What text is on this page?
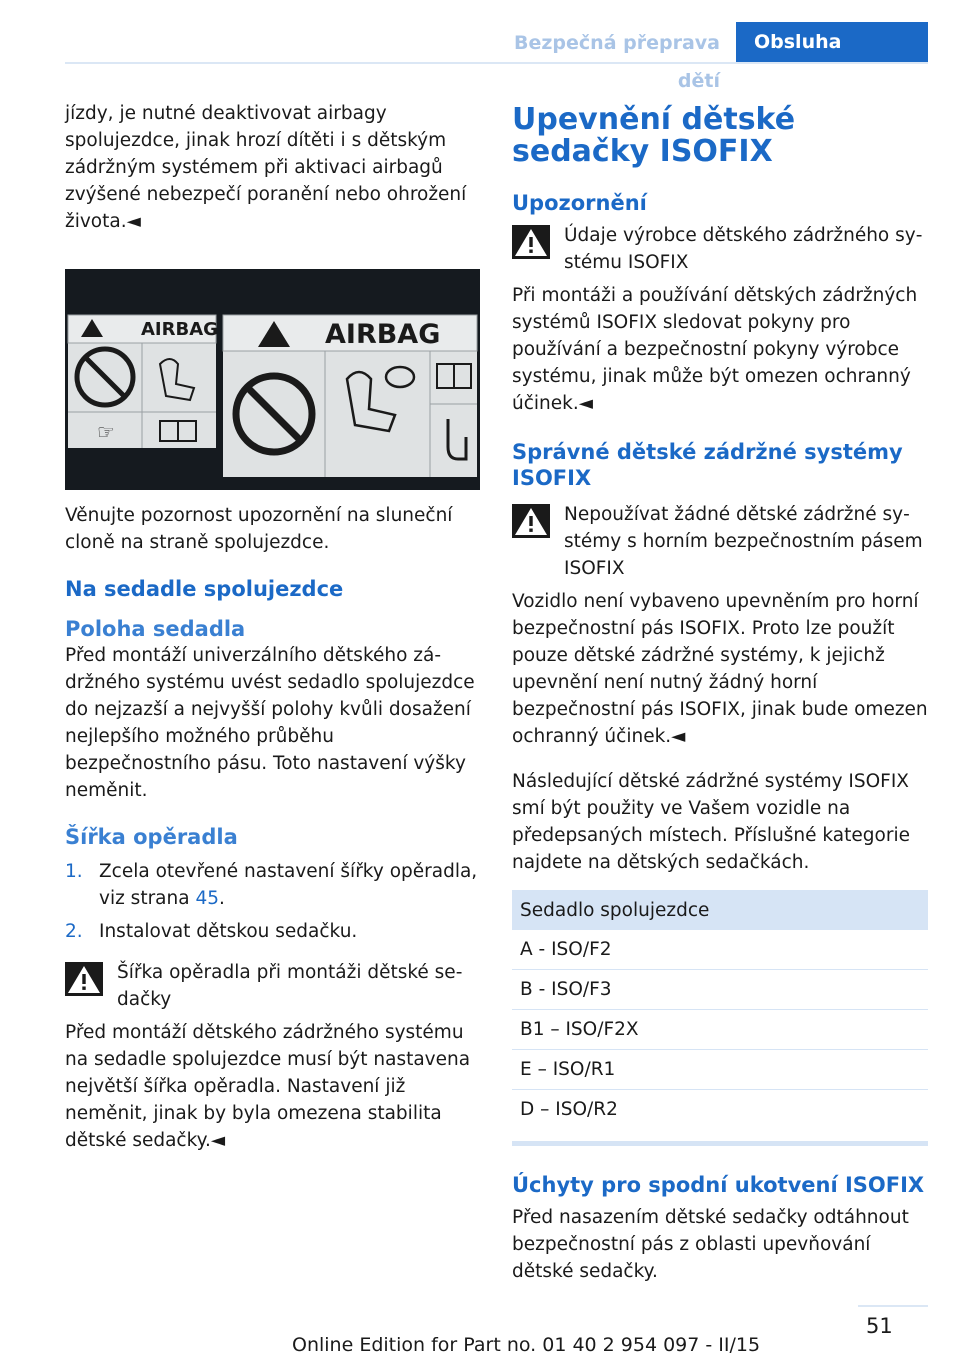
Bezpečná přeprava dětí
Obsluha

jízdy, je nutné deaktivovat airbagy spolujezdce, jinak hrozí dítěti i s dětským zádržným systémem při aktivaci airbagů zvýšené nebezpečí poranění nebo ohrožení života.◄

AIRBAG
☞
AIRBAG

Věnujte pozornost upozornění na sluneční cloně na straně spolujezdce.

Na sedadle spolujezdce
Poloha sedadla

Před montáží univerzálního dětského zádržného systému uvést sedadlo spolujezdce do nejzazší a nejvyšší polohy kvůli dosažení nejlepšího možného průběhu bezpečnostního pásu. Toto nastavení výšky neměnit.

Šířka opěradla
1. Zcela otevřené nastavení šířky opěradla, viz strana 45.
2. Instalovat dětskou sedačku.
Šířka opěradla při montáži dětské sedačky

Před montáží dětského zádržného systému na sedadle spolujezdce musí být nastavena největší šířka opěradla. Nastavení již neměnit, jinak by byla omezena stabilita dětské sedačky.◄

Upevnění dětské sedačky ISOFIX
Upozornění
Údaje výrobce dětského zádržného systému ISOFIX

Při montáži a používání dětských zádržných systémů ISOFIX sledovat pokyny pro používání a bezpečnostní pokyny výrobce systému, jinak může být omezen ochranný účinek.◄

Správné dětské zádržné systémy ISOFIX
Nepoužívat žádné dětské zádržné systémy s horním bezpečnostním pásem ISOFIX

Vozidlo není vybaveno upevněním pro horní bezpečnostní pás ISOFIX. Proto lze použít pouze dětské zádržné systémy, k jejichž upevnění není nutný žádný horní bezpečnostní pás ISOFIX, jinak bude omezen ochranný účinek.◄

Následující dětské zádržné systémy ISOFIX smí být použity ve Vašem vozidle na předepsaných místech. Příslušné kategorie najdete na dětských sedačkách.

Sedadlo spolujezdce
A - ISO/F2
B - ISO/F3
B1 – ISO/F2X
E – ISO/R1
D – ISO/R2
Úchyty pro spodní ukotvení ISOFIX

Před nasazením dětské sedačky odtáhnout bezpečnostní pás z oblasti upevňování dětské sedačky.

51
Online Edition for Part no. 01 40 2 954 097 - II/15
